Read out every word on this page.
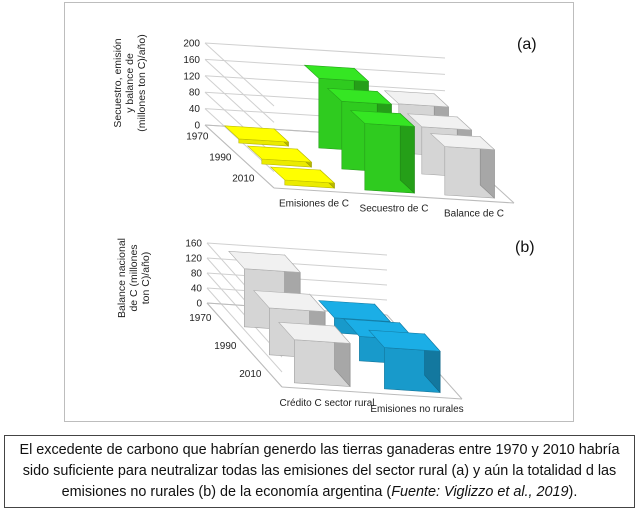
200
160
120
80
40
0
1970
1990
2010
Emisiones de C Secuestro de C Balance de C
Secuestro, emisióny balance de(millones ton C)/año)	(a)
160
120
80
40
0
1970
1990
2010
Crédito C sector rural
Emisiones no rurales
Balance nacionalde C (milloneston C)/año)
(b)
El excedente de carbono que habrían generdo las tierras ganaderas entre 1970 y 2010 habría sido suficiente para neutralizar todas las emisiones del sector rural (a) y aún la totalidad d las emisiones no rurales (b) de la economía argentina (Fuente: Viglizzo et al., 2019).
